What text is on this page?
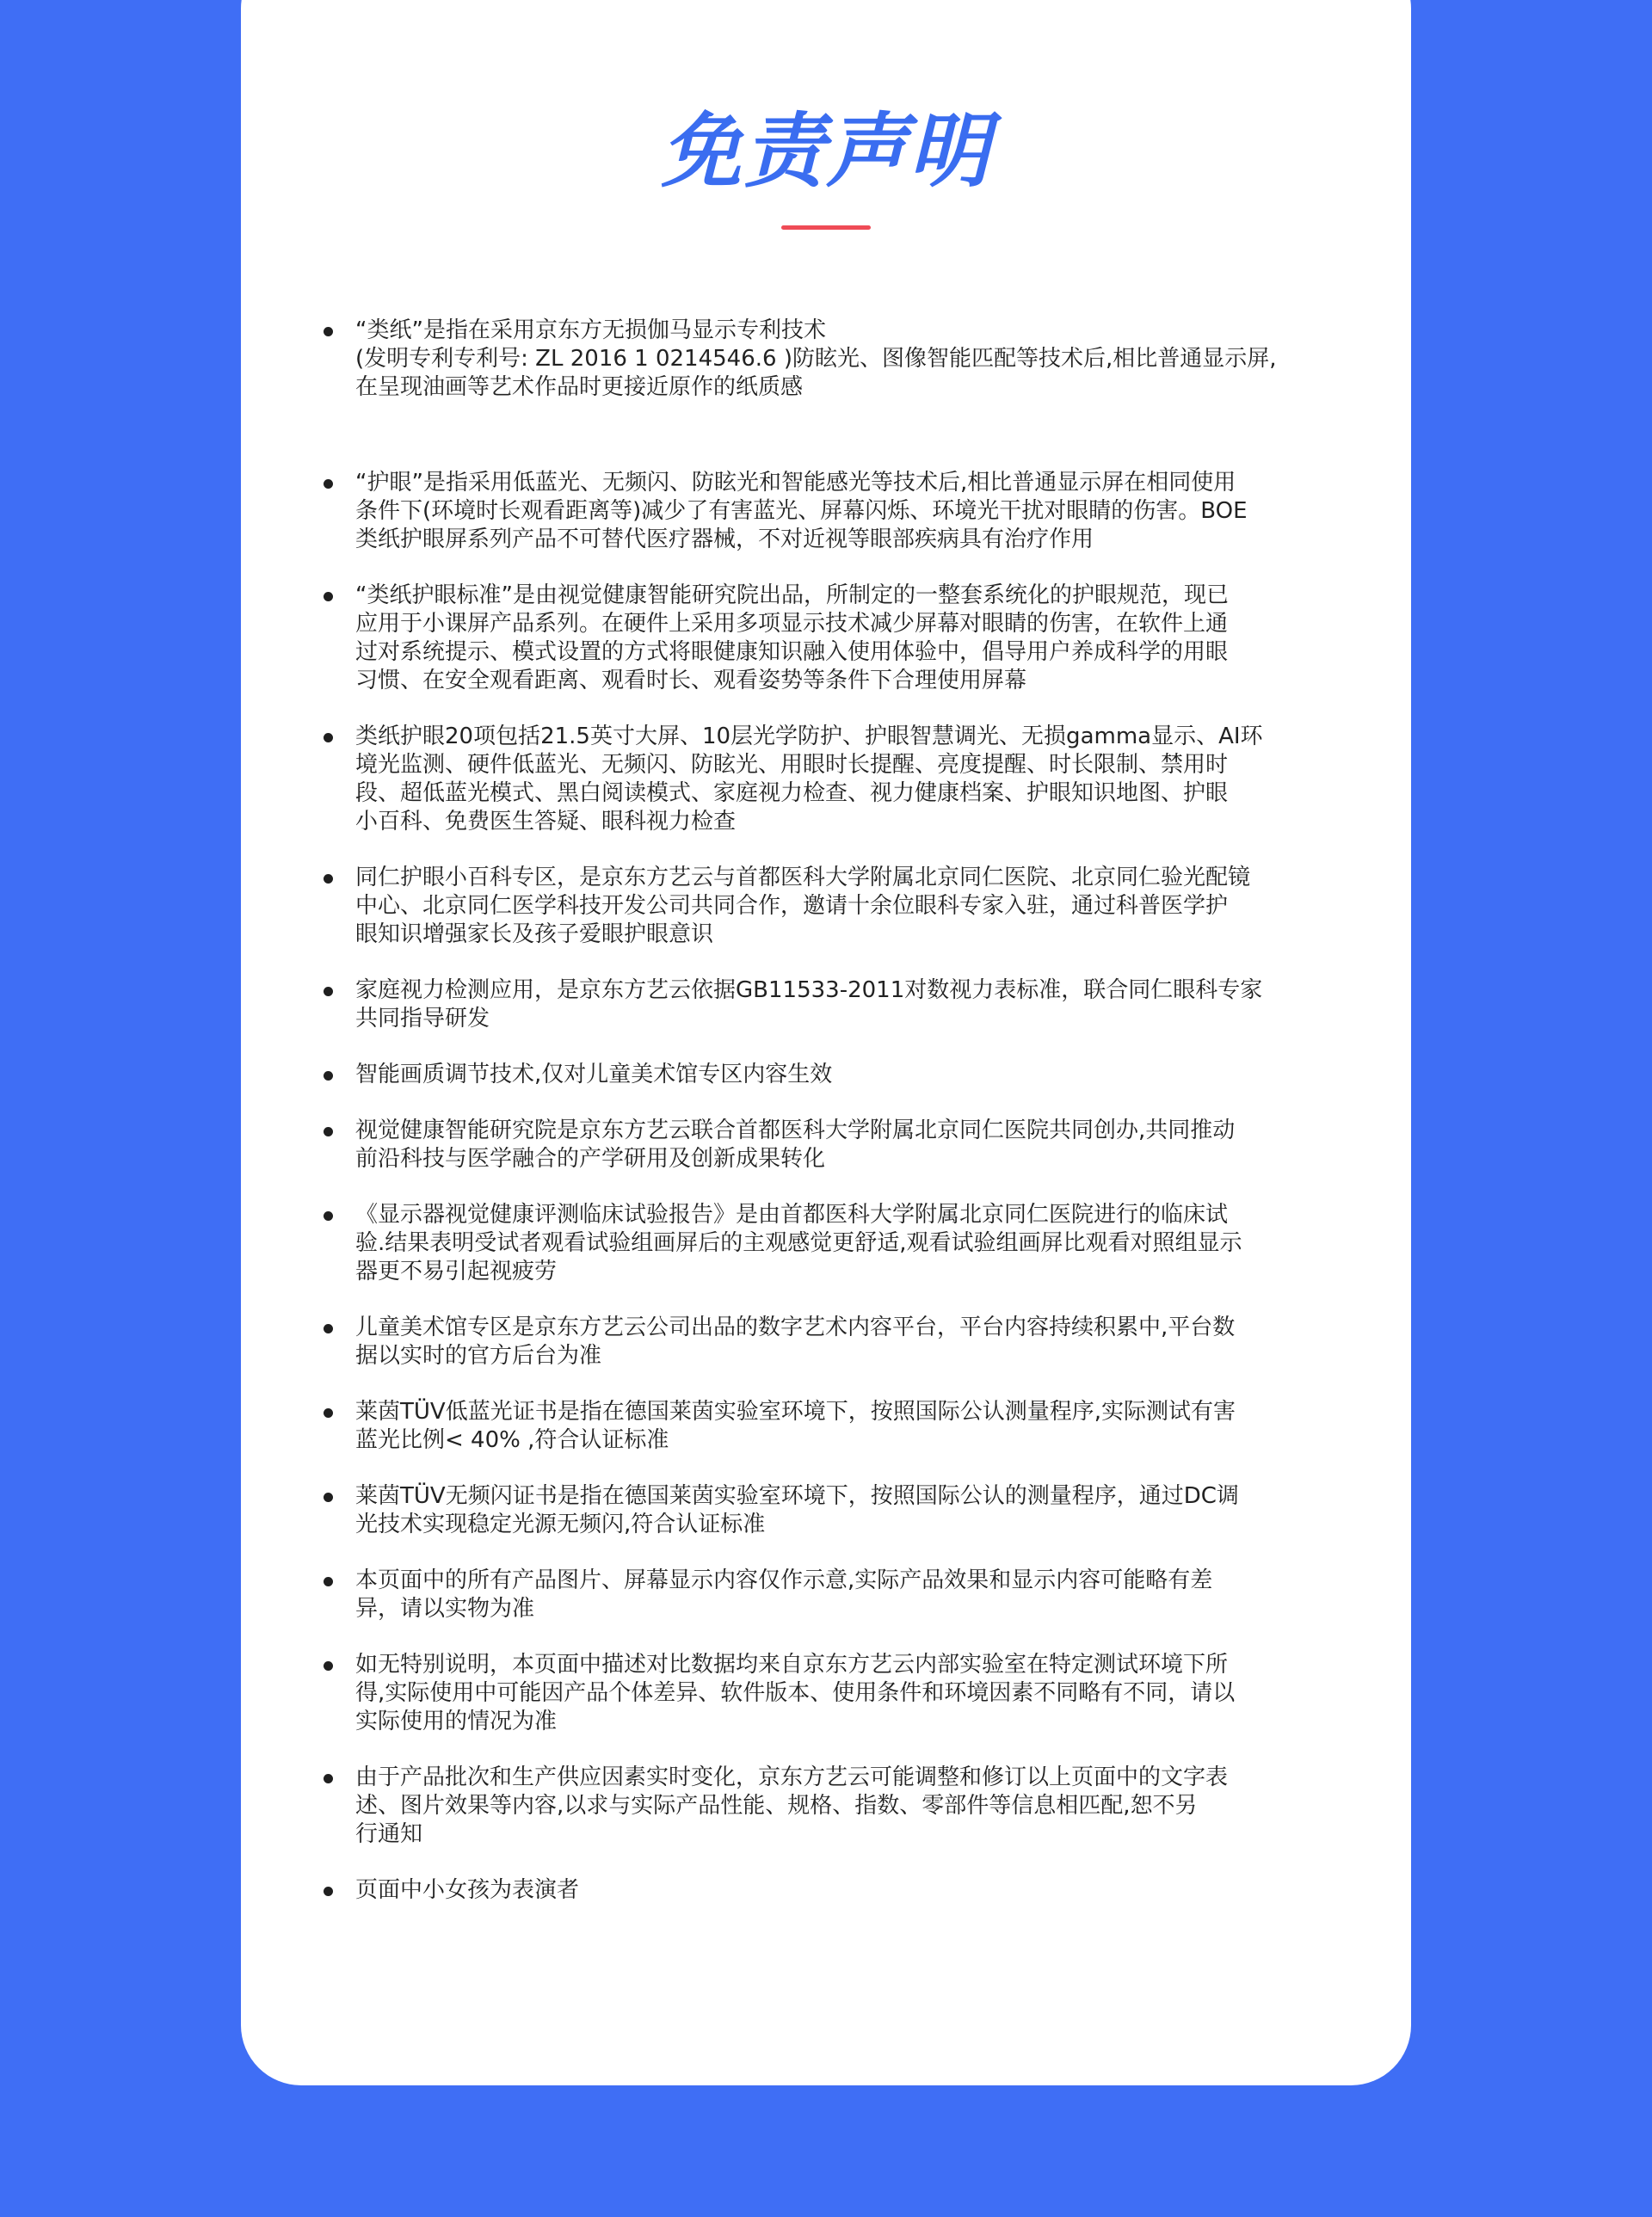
免责声明
“类纸”是指在采用京东方无损伽马显示专利技术
(发明专利专利号: ZL 2016 1 0214546.6 )防眩光、图像智能匹配等技术后,相比普通显示屏,
在呈现油画等艺术作品时更接近原作的纸质感
“护眼”是指采用低蓝光、无频闪、防眩光和智能感光等技术后,相比普通显示屏在相同使用
条件下(环境时长观看距离等)减少了有害蓝光、屏幕闪烁、环境光干扰对眼睛的伤害。BOE
类纸护眼屏系列产品不可替代医疗器械，不对近视等眼部疾病具有治疗作用
“类纸护眼标准”是由视觉健康智能研究院出品，所制定的一整套系统化的护眼规范，现已
应用于小课屏产品系列。在硬件上采用多项显示技术减少屏幕对眼睛的伤害，在软件上通
过对系统提示、模式设置的方式将眼健康知识融入使用体验中，倡导用户养成科学的用眼
习惯、在安全观看距离、观看时长、观看姿势等条件下合理使用屏幕
类纸护眼20项包括21.5英寸大屏、10层光学防护、护眼智慧调光、无损gamma显示、AI环
境光监测、硬件低蓝光、无频闪、防眩光、用眼时长提醒、亮度提醒、时长限制、禁用时
段、超低蓝光模式、黑白阅读模式、家庭视力检查、视力健康档案、护眼知识地图、护眼
小百科、免费医生答疑、眼科视力检查
同仁护眼小百科专区，是京东方艺云与首都医科大学附属北京同仁医院、北京同仁验光配镜
中心、北京同仁医学科技开发公司共同合作，邀请十余位眼科专家入驻，通过科普医学护
眼知识增强家长及孩子爱眼护眼意识
家庭视力检测应用，是京东方艺云依据GB11533-2011对数视力表标准，联合同仁眼科专家
共同指导研发
智能画质调节技术,仅对儿童美术馆专区内容生效
视觉健康智能研究院是京东方艺云联合首都医科大学附属北京同仁医院共同创办,共同推动
前沿科技与医学融合的产学研用及创新成果转化
《显示器视觉健康评测临床试验报告》是由首都医科大学附属北京同仁医院进行的临床试
验.结果表明受试者观看试验组画屏后的主观感觉更舒适,观看试验组画屏比观看对照组显示
器更不易引起视疲劳
儿童美术馆专区是京东方艺云公司出品的数字艺术内容平台，平台内容持续积累中,平台数
据以实时的官方后台为准
莱茵TÜV低蓝光证书是指在德国莱茵实验室环境下，按照国际公认测量程序,实际测试有害
蓝光比例< 40% ,符合认证标准
莱茵TÜV无频闪证书是指在德国莱茵实验室环境下，按照国际公认的测量程序，通过DC调
光技术实现稳定光源无频闪,符合认证标准
本页面中的所有产品图片、屏幕显示内容仅作示意,实际产品效果和显示内容可能略有差
异，请以实物为准
如无特别说明，本页面中描述对比数据均来自京东方艺云内部实验室在特定测试环境下所
得,实际使用中可能因产品个体差异、软件版本、使用条件和环境因素不同略有不同，请以
实际使用的情况为准
由于产品批次和生产供应因素实时变化，京东方艺云可能调整和修订以上页面中的文字表
述、图片效果等内容,以求与实际产品性能、规格、指数、零部件等信息相匹配,恕不另
行通知
页面中小女孩为表演者
